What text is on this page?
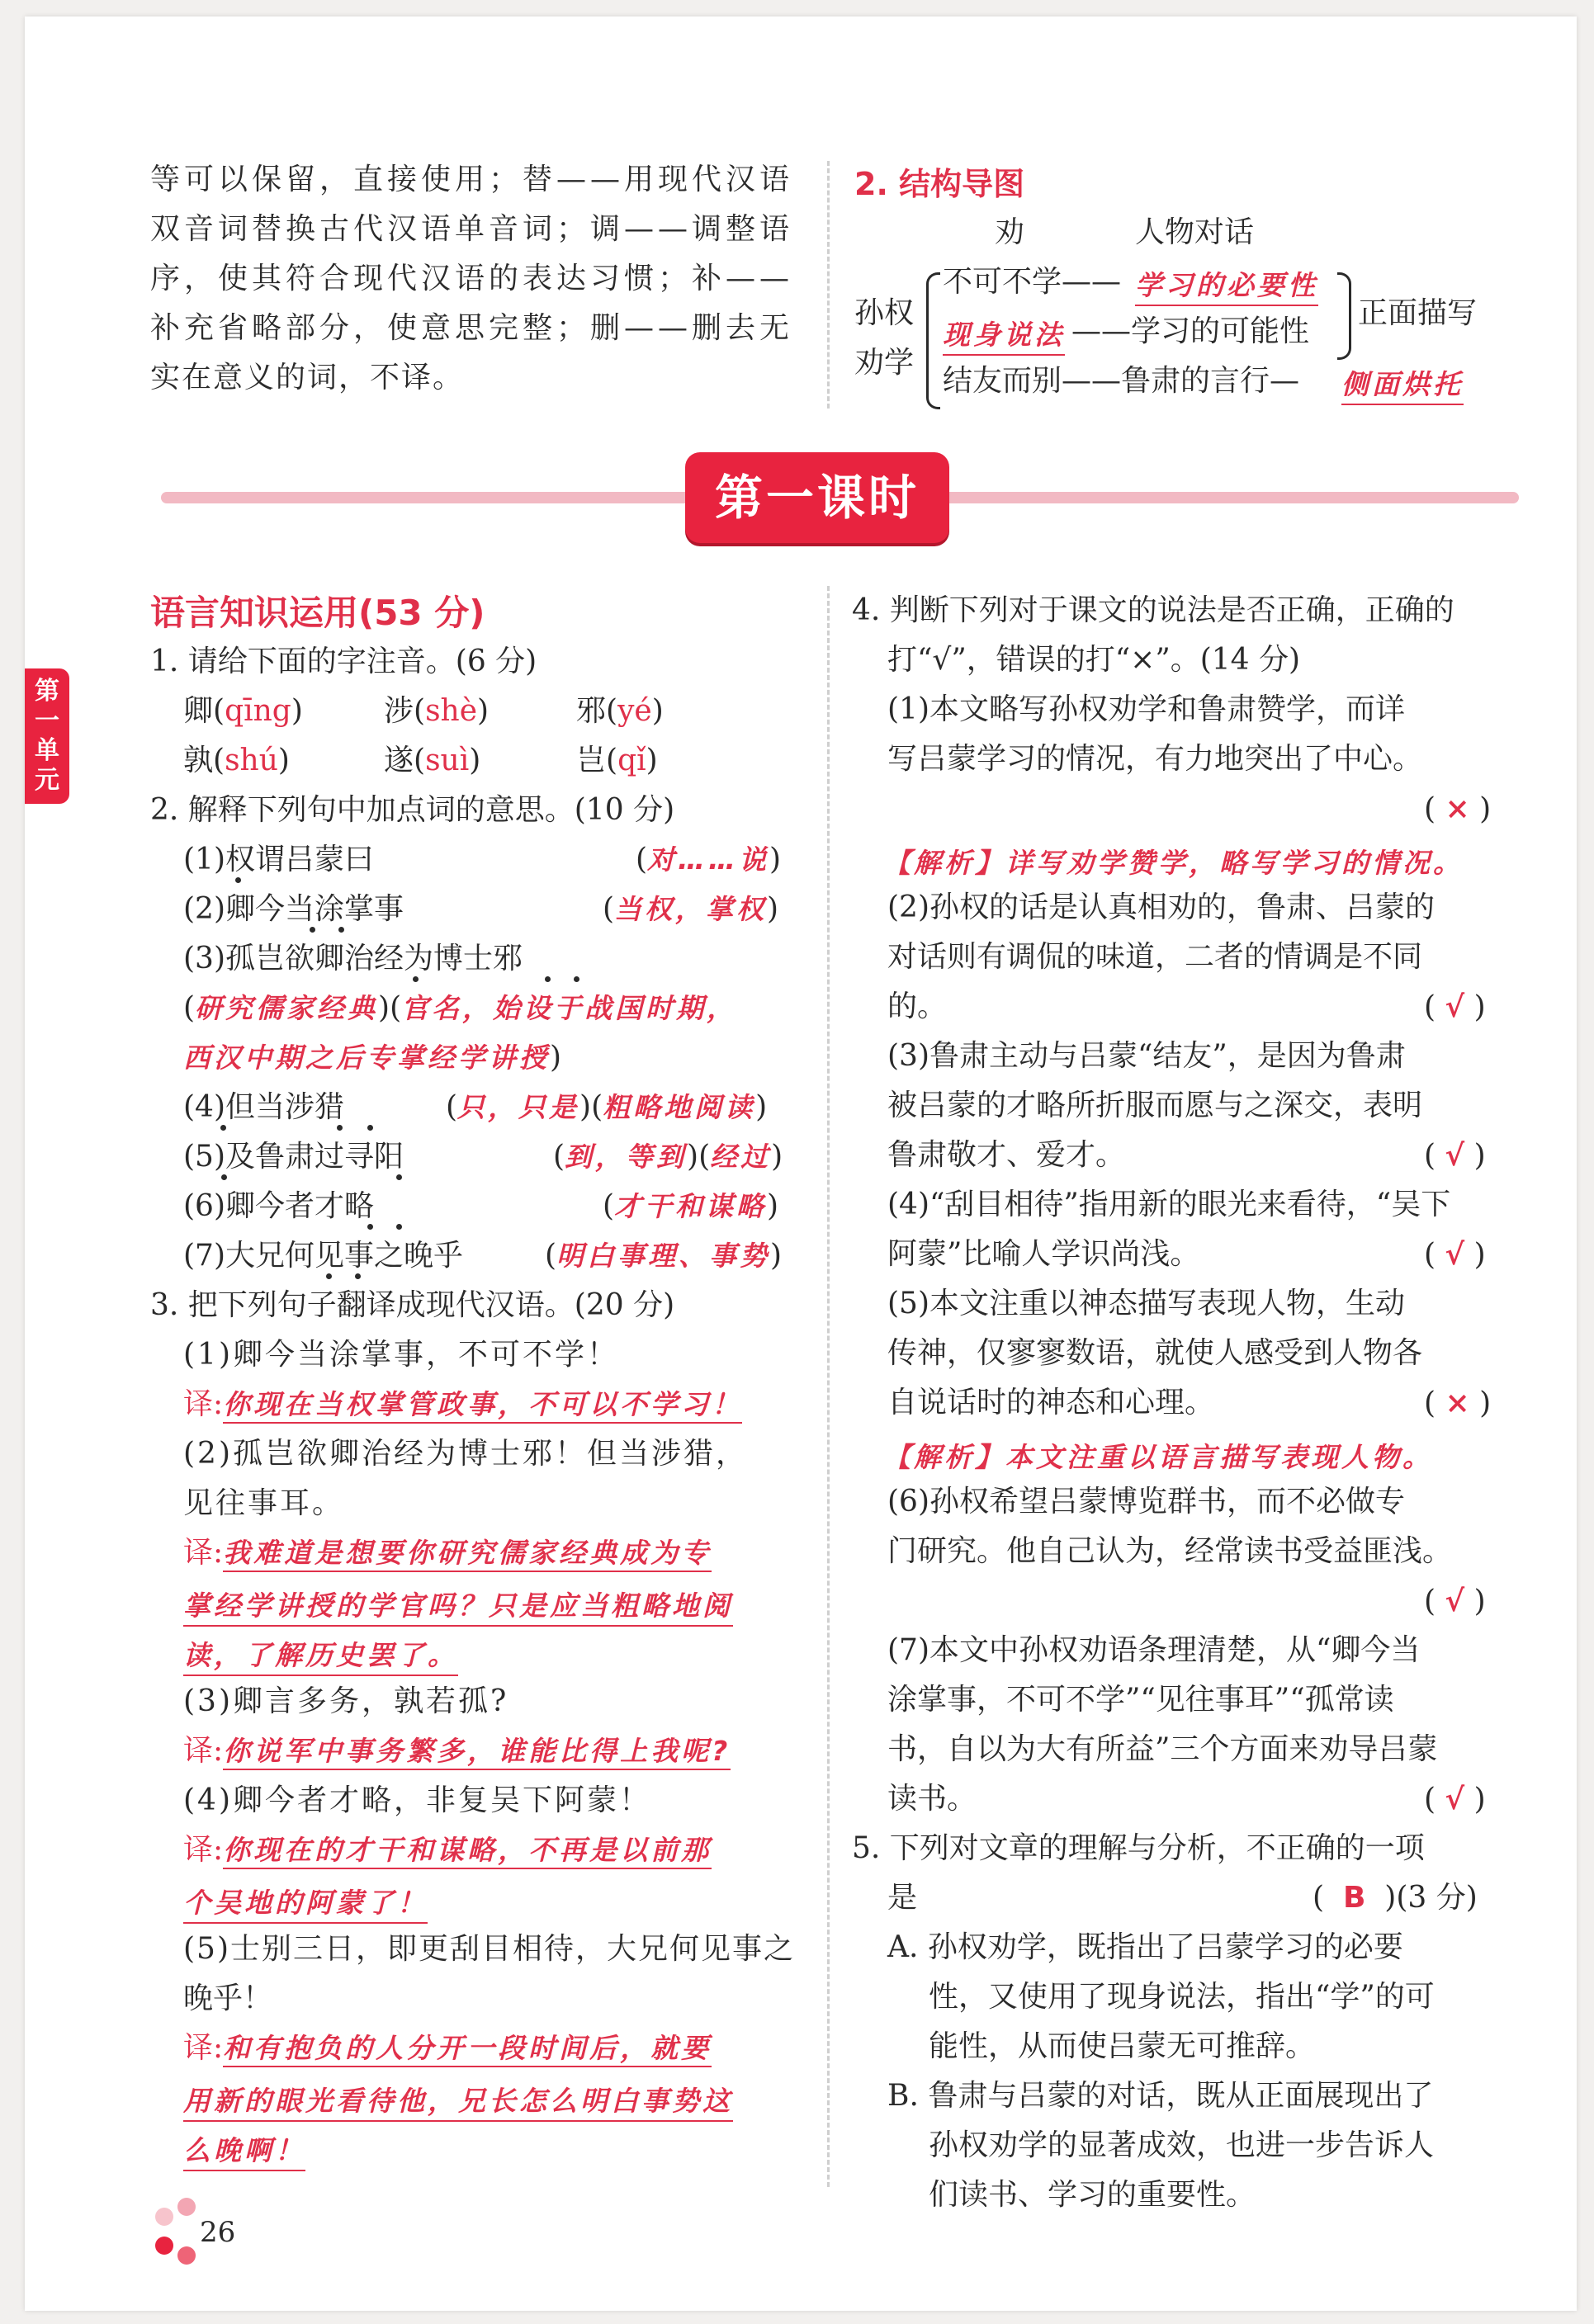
等可以保留，直接使用；替——用现代汉语
双音词替换古代汉语单音词；调——调整语
序，使其符合现代汉语的表达习惯；补——
补充省略部分，使意思完整；删——删去无
实在意义的词，不译。
2. 结构导图
劝	人物对话
孙权
劝学
不可不学—— 学习的必要性
现身说法 ——学习的可能性
结友而别——鲁肃的言行— 侧面烘托
正面描写
第一课时
第
一
单
元
语言知识运用(53 分)
1. 请给下面的字注音。(6 分)
卿(qīng)	涉(shè)	邪(yé)
孰(shú)	遂(suì)	岂(qǐ)
2. 解释下列句中加点词的意思。(10 分)
(1)权谓吕蒙曰	(对……说)
(2)卿今当涂掌事	(当权，掌权)
(3)孤岂欲卿治经为博士邪
(研究儒家经典)(官名，始设于战国时期，
西汉中期之后专掌经学讲授)
(4)但当涉猎	(只，只是)(粗略地阅读)
(5)及鲁肃过寻阳	(到，等到)(经过)
(6)卿今者才略	(才干和谋略)
(7)大兄何见事之晚乎	(明白事理、事势)
3. 把下列句子翻译成现代汉语。(20 分)
(1)卿今当涂掌事，不可不学！
译:你现在当权掌管政事，不可以不学习！
(2)孤岂欲卿治经为博士邪！但当涉猎，
见往事耳。
译:我难道是想要你研究儒家经典成为专
掌经学讲授的学官吗？只是应当粗略地阅
读，了解历史罢了。
(3)卿言多务，孰若孤?
译:你说军中事务繁多，谁能比得上我呢?
(4)卿今者才略，非复吴下阿蒙！
译:你现在的才干和谋略，不再是以前那
个吴地的阿蒙了！
(5)士别三日，即更刮目相待，大兄何见事之
晚乎！
译:和有抱负的人分开一段时间后，就要
用新的眼光看待他，兄长怎么明白事势这
么晚啊！
4. 判断下列对于课文的说法是否正确，正确的
打“√”，错误的打“×”。(14 分)
(1)本文略写孙权劝学和鲁肃赞学，而详
写吕蒙学习的情况，有力地突出了中心。
( × )
【解析】详写劝学赞学，略写学习的情况。
(2)孙权的话是认真相劝的，鲁肃、吕蒙的
对话则有调侃的味道，二者的情调是不同
的。	( √ )
(3)鲁肃主动与吕蒙“结友”，是因为鲁肃
被吕蒙的才略所折服而愿与之深交，表明
鲁肃敬才、爱才。	( √ )
(4)“刮目相待”指用新的眼光来看待，“吴下
阿蒙”比喻人学识尚浅。	( √ )
(5)本文注重以神态描写表现人物，生动
传神，仅寥寥数语，就使人感受到人物各
自说话时的神态和心理。	( × )
【解析】本文注重以语言描写表现人物。
(6)孙权希望吕蒙博览群书，而不必做专
门研究。他自己认为，经常读书受益匪浅。
( √ )
(7)本文中孙权劝语条理清楚，从“卿今当
涂掌事，不可不学”“见往事耳”“孤常读
书，自以为大有所益”三个方面来劝导吕蒙
读书。	( √ )
5. 下列对文章的理解与分析，不正确的一项
是	( B )(3 分)
A. 孙权劝学，既指出了吕蒙学习的必要
性，又使用了现身说法，指出“学”的可
能性，从而使吕蒙无可推辞。
B. 鲁肃与吕蒙的对话，既从正面展现出了
孙权劝学的显著成效，也进一步告诉人
们读书、学习的重要性。
26
